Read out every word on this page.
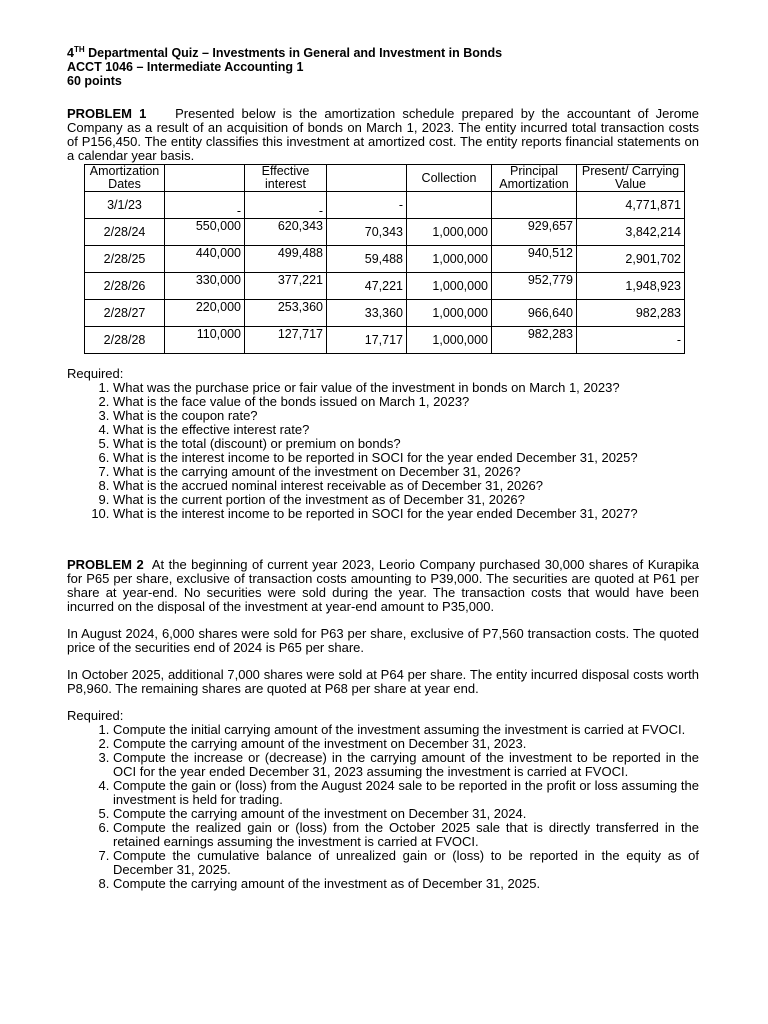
4TH Departmental Quiz – Investments in General and Investment in Bonds
ACCT 1046 – Intermediate Accounting 1
60 points

PROBLEM 1 Presented below is the amortization schedule prepared by the accountant of Jerome Company as a result of an acquisition of bonds on March 1, 2023. The entity incurred total transaction costs of P156,450. The entity classifies this investment at amortized cost. The entity reports financial statements on a calendar year basis.

Amortization Dates		Effective interest		Collection	Principal Amortization	Present/ Carrying Value
3/1/23	-	-	-			4,771,871
2/28/24	550,000	620,343	70,343	1,000,000	929,657	3,842,214
2/28/25	440,000	499,488	59,488	1,000,000	940,512	2,901,702
2/28/26	330,000	377,221	47,221	1,000,000	952,779	1,948,923
2/28/27	220,000	253,360	33,360	1,000,000	966,640	982,283
2/28/28	110,000	127,717	17,717	1,000,000	982,283	-
Required:
1. What was the purchase price or fair value of the investment in bonds on March 1, 2023?
2. What is the face value of the bonds issued on March 1, 2023?
3. What is the coupon rate?
4. What is the effective interest rate?
5. What is the total (discount) or premium on bonds?
6. What is the interest income to be reported in SOCI for the year ended December 31, 2025?
7. What is the carrying amount of the investment on December 31, 2026?
8. What is the accrued nominal interest receivable as of December 31, 2026?
9. What is the current portion of the investment as of December 31, 2026?
10. What is the interest income to be reported in SOCI for the year ended December 31, 2027?

PROBLEM 2 At the beginning of current year 2023, Leorio Company purchased 30,000 shares of Kurapika for P65 per share, exclusive of transaction costs amounting to P39,000. The securities are quoted at P61 per share at year-end. No securities were sold during the year. The transaction costs that would have been incurred on the disposal of the investment at year-end amount to P35,000.

In August 2024, 6,000 shares were sold for P63 per share, exclusive of P7,560 transaction costs. The quoted price of the securities end of 2024 is P65 per share.

In October 2025, additional 7,000 shares were sold at P64 per share. The entity incurred disposal costs worth P8,960. The remaining shares are quoted at P68 per share at year end.

Required:
1. Compute the initial carrying amount of the investment assuming the investment is carried at FVOCI.
2. Compute the carrying amount of the investment on December 31, 2023.
3. Compute the increase or (decrease) in the carrying amount of the investment to be reported in the OCI for the year ended December 31, 2023 assuming the investment is carried at FVOCI.
4. Compute the gain or (loss) from the August 2024 sale to be reported in the profit or loss assuming the investment is held for trading.
5. Compute the carrying amount of the investment on December 31, 2024.
6. Compute the realized gain or (loss) from the October 2025 sale that is directly transferred in the retained earnings assuming the investment is carried at FVOCI.
7. Compute the cumulative balance of unrealized gain or (loss) to be reported in the equity as of December 31, 2025.
8. Compute the carrying amount of the investment as of December 31, 2025.
